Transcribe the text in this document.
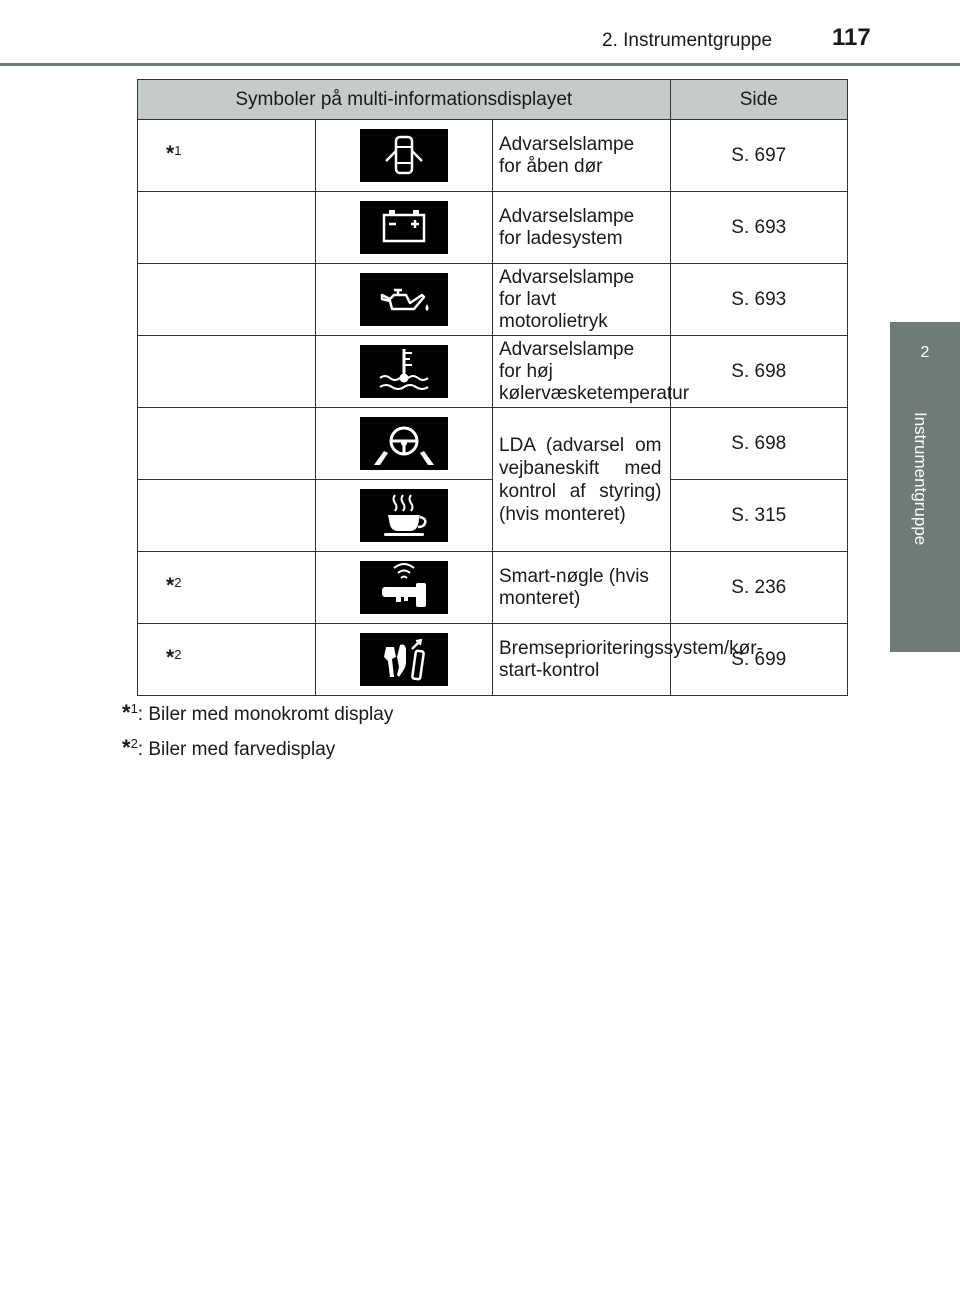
2. Instrumentgruppe 117
2
Instrumentgruppe
Symboler på multi-informationsdisplayet			Side

*$^1$		Advarselslampe for åben dør	S. 697

	Advarselslampe for ladesystem	S. 693

	Advarselslampe for lavt motorolietryk	S. 693

	Advarselslampe for høj kølervæsketemperatur	S. 698

	LDA (advarsel om vejbaneskift med kontrol af styring) (hvis monteret)	S. 698

	S. 315

*$^2$		Smart-nøgle (hvis monteret)	S. 236

*$^2$		Bremseprioriteringssystem/kør-start-kontrol	S. 699
*$^1$: Biler med monokromt display
*$^2$: Biler med farvedisplay
